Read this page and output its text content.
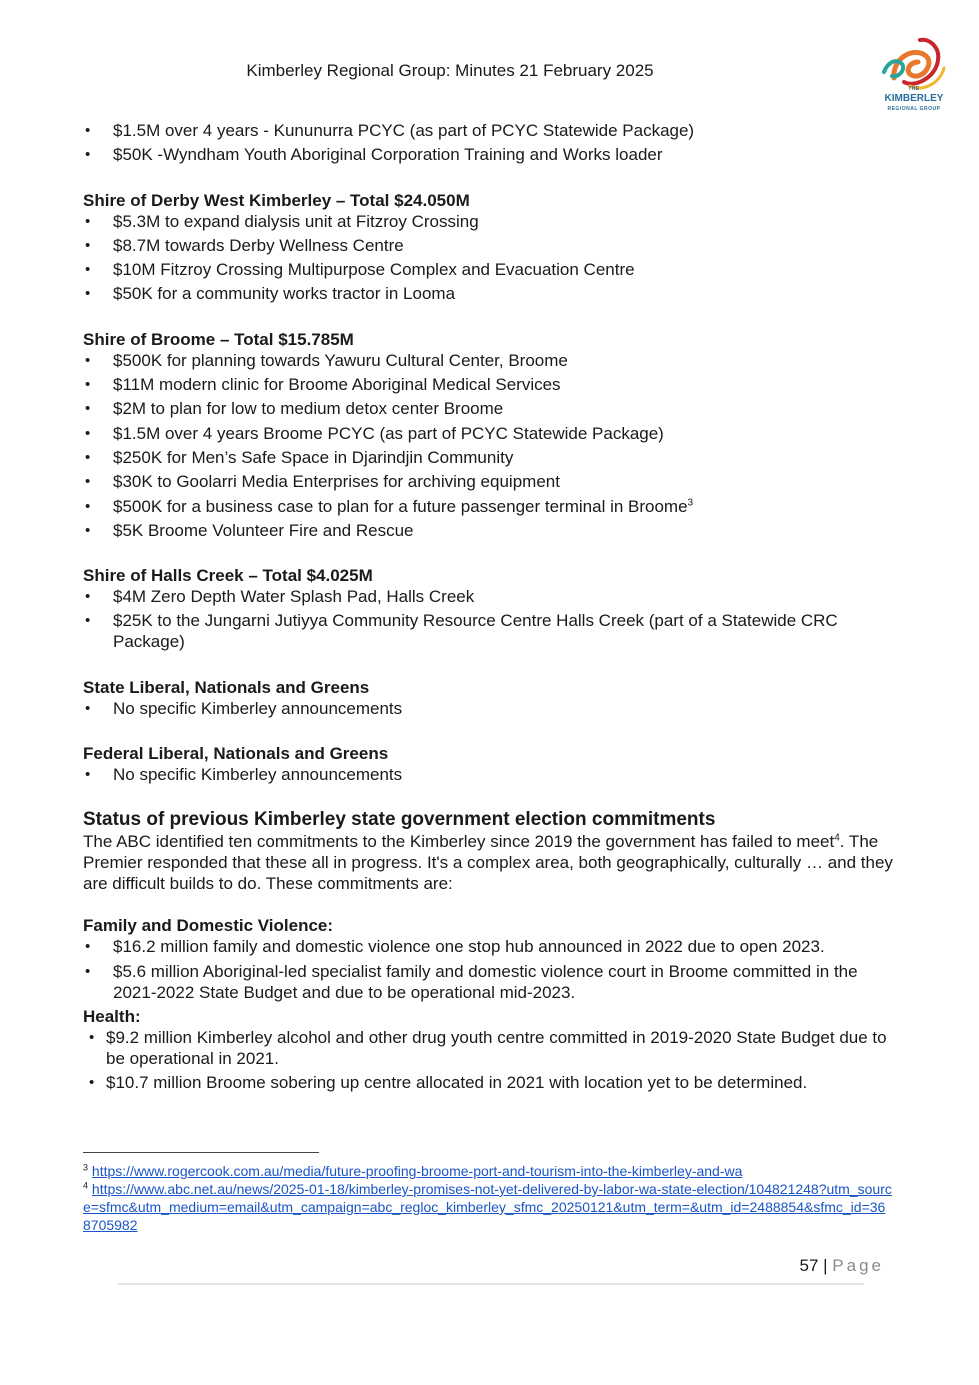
Kimberley Regional Group: Minutes 21 February 2025
THE
KIMBERLEY
REGIONAL GROUP
• $1.5M over 4 years - Kununurra PCYC (as part of PCYC Statewide Package)
• $50K -Wyndham Youth Aboriginal Corporation Training and Works loader

Shire of Derby West Kimberley – Total $24.050M

• $5.3M to expand dialysis unit at Fitzroy Crossing
• $8.7M towards Derby Wellness Centre
• $10M Fitzroy Crossing Multipurpose Complex and Evacuation Centre
• $50K for a community works tractor in Looma

Shire of Broome – Total $15.785M

• $500K for planning towards Yawuru Cultural Center, Broome
• $11M modern clinic for Broome Aboriginal Medical Services
• $2M to plan for low to medium detox center Broome
• $1.5M over 4 years Broome PCYC (as part of PCYC Statewide Package)
• $250K for Men’s Safe Space in Djarindjin Community
• $30K to Goolarri Media Enterprises for archiving equipment
• $500K for a business case to plan for a future passenger terminal in Broome$^3$
• $5K Broome Volunteer Fire and Rescue

Shire of Halls Creek – Total $4.025M

• $4M Zero Depth Water Splash Pad, Halls Creek
• $25K to the Jungarni Jutiyya Community Resource Centre Halls Creek (part of a Statewide CRC Package)

State Liberal, Nationals and Greens

• No specific Kimberley announcements

Federal Liberal, Nationals and Greens

• No specific Kimberley announcements

Status of previous Kimberley state government election commitments

The ABC identified ten commitments to the Kimberley since 2019 the government has failed to meet$^4$. The Premier responded that these all in progress. It's a complex area, both geographically, culturally … and they are difficult builds to do. These commitments are:

Family and Domestic Violence:

• $16.2 million family and domestic violence one stop hub announced in 2022 due to open 2023.
• $5.6 million Aboriginal-led specialist family and domestic violence court in Broome committed in the 2021-2022 State Budget and due to be operational mid-2023.

Health:

• $9.2 million Kimberley alcohol and other drug youth centre committed in 2019-2020 State Budget due to be operational in 2021.
• $10.7 million Broome sobering up centre allocated in 2021 with location yet to be determined.

$^3$ https://www.rogercook.com.au/media/future-proofing-broome-port-and-tourism-into-the-kimberley-and-wa

$^4$ https://www.abc.net.au/news/2025-01-18/kimberley-promises-not-yet-delivered-by-labor-wa-state-election/104821248?utm_source=sfmc&utm_medium=email&utm_campaign=abc_regloc_kimberley_sfmc_20250121&utm_term=&utm_id=2488854&sfmc_id=368705982

57 | Page
